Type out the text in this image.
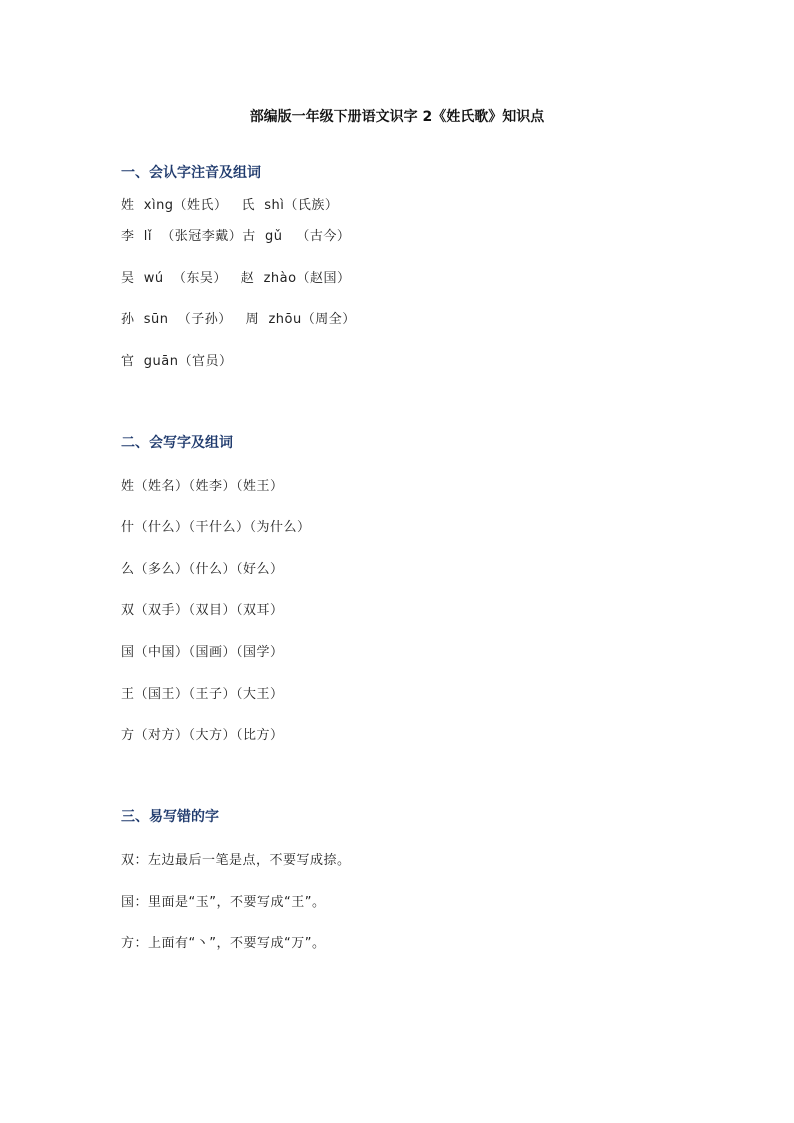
部编版一年级下册语文识字 2《姓氏歌》知识点
一、会认字注音及组词
姓  xìng（姓氏）   氏  shì（氏族）
李  lǐ  （张冠李戴）古  gǔ   （古今）
吴  wú  （东吴）   赵  zhào（赵国）
孙  sūn  （子孙）   周  zhōu（周全）
官  guān（官员）
二、会写字及组词
姓（姓名）（姓李）（姓王）
什（什么）（干什么）（为什么）
么（多么）（什么）（好么）
双（双手）（双目）（双耳）
国（中国）（国画）（国学）
王（国王）（王子）（大王）
方（对方）（大方）（比方）
三、易写错的字
双：左边最后一笔是点，不要写成捺。
国：里面是“玉”，不要写成“王”。
方：上面有“丶”，不要写成“万”。
